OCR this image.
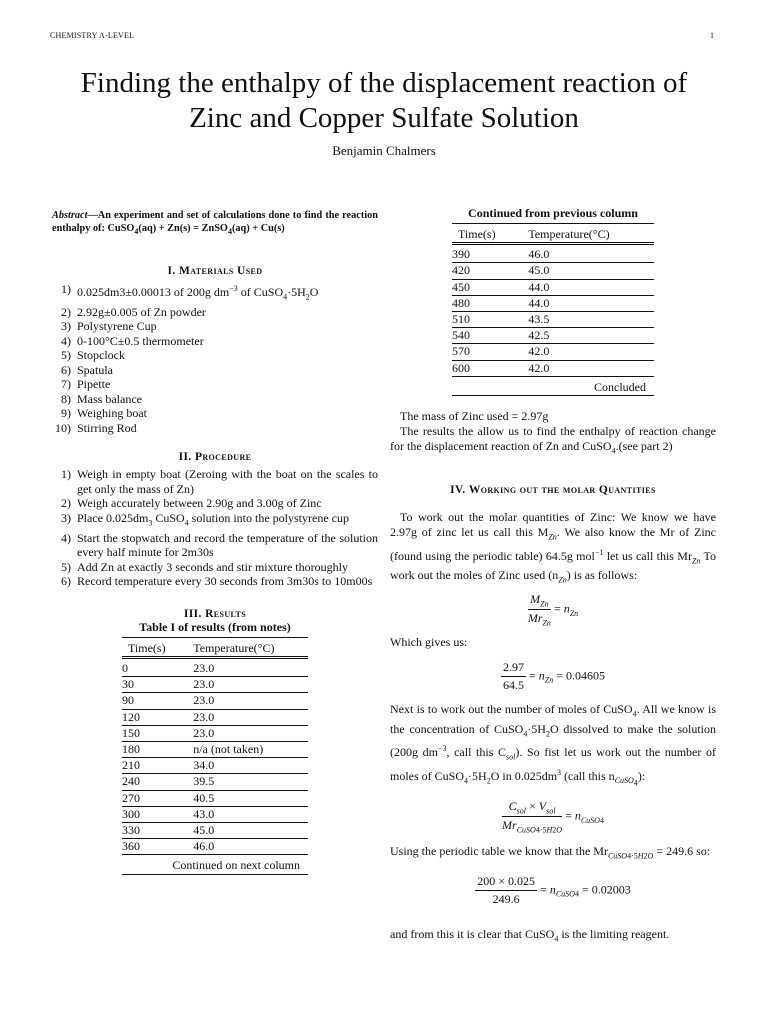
CHEMISTRY A-LEVEL	1
Finding the enthalpy of the displacement reaction of
Zinc and Copper Sulfate Solution
Benjamin Chalmers
Abstract—An experiment and set of calculations done to find the reaction enthalpy of: CuSO$_4$(aq) + Zn(s) = ZnSO$_4$(aq) + Cu(s)
I. Materials Used
1) 0.025dm3±0.00013 of 200g $dm^{-3}$ of $CuSO_4\cdot 5H_2O$
2) 2.92g±0.005 of Zn powder
3) Polystyrene Cup
4) 0-100°C±0.5 thermometer
5) Stopclock
6) Spatula
7) Pipette
8) Mass balance
9) Weighing boat
10) Stirring Rod
II. Procedure
1) Weigh in empty boat (Zeroing with the boat on the scales to get only the mass of Zn)
2) Weigh accurately between 2.90g and 3.00g of Zinc
3) Place $0.025dm_3$ CuSO$_4$ solution into the polystyrene cup
4) Start the stopwatch and record the temperature of the solution every half minute for 2m30s
5) Add Zn at exactly 3 seconds and stir mixture thoroughly
6) Record temperature every 30 seconds from 3m30s to 10m00s
III. Results
Table I of results (from notes)

Time(s)	Temperature(°C)

0	23.0
30	23.0
90	23.0
120	23.0
150	23.0
180	n/a (not taken)
210	34.0
240	39.5
270	40.5
300	43.0
330	45.0
360	46.0

Continued on next column	

Continued from previous column

Time(s)	Temperature(°C)

390	46.0
420	45.0
450	44.0
480	44.0
510	43.5
540	42.5
570	42.0
600	42.0

Concluded	

The mass of Zinc used = 2.97g

The results the allow us to find the enthalpy of reaction change for the displacement reaction of Zn and CuSO$_4$.(see part 2)

IV. Working out the molar Quantities

To work out the molar quantities of Zinc: We know we have 2.97g of zinc let us call this $M_{Zn}$. We also know the Mr of Zinc (found using the periodic table) 64.5g mol$^{-1}$ let us call this $Mr_{Zn}$ To work out the moles of Zinc used $(n_{Zn})$ is as follows:

$\frac{M_{Zn}}{Mr_{Zn}} = n_{Zn}$

Which gives us:

$\frac{2.97}{64.5} = n_{Zn} = 0.04605$

Next is to work out the number of moles of CuSO$_4$. All we know is the concentration of $CuSO_4\cdot 5H_2O$ dissolved to make the solution (200g $dm^{-3}$, call this $C_{sol}$). So fist let us work out the number of moles of $CuSO_4\cdot 5H_2O$ in $0.025dm^3$ (call this $n_{CuSO_4}$):

$\frac{C_{sol} \times V_{sol}}{Mr_{CuSO4\cdot 5H2O}} = n_{CuSO4}$

Using the periodic table we know that the $Mr_{CuSO4\cdot 5H2O} = 249.6$ so:

$\frac{200 \times 0.025}{249.6} = n_{CuSO4} = 0.02003$

and from this it is clear that CuSO$_4$ is the limiting reagent.
